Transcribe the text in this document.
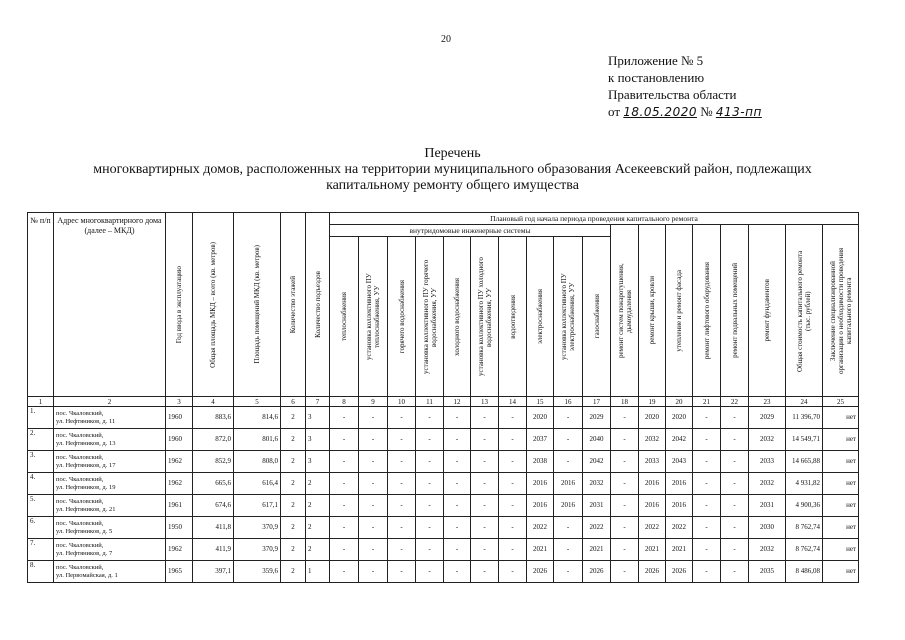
20
Приложение № 5
к постановлению
Правительства области
от 18.05.2020 № 413-пп
Перечень
многоквартирных домов, расположенных на территории муниципального образования Асекеевский район, подлежащих
капитальному ремонту общего имущества
№ п/п	Адрес многоквартирного дома (далее – МКД)	Год ввода в эксплуатацию	Общая площадь МКД – всего (кв. метров)	Площадь помещений МКД (кв. метров)	Количество этажей	Количество подъездов	Плановый год начала периода проведения капитального ремонта																	
							внутридомовые инженерные системы										ремонт систем пожаротушения, дымоудаления	ремонт крыши, кровли	утепление и ремонт фасада	ремонт лифтового оборудования	ремонт подвальных помещений	ремонт фундаментов	Общая стоимость капитального ремонта (тыс. рублей)	Заключение специализированной организации о необходимости проведения капитального ремонта

							теплоснабжения	установка коллективного ПУ теплоснабжения, УУ	горячего водоснабжения	установка коллективного ПУ горячего водоснабжения, УУ	холодного водоснабжения	установка коллективного ПУ холодного водоснабжения, УУ	водоотведения	электроснабжения	установка коллективного ПУ электроснабжения, УУ	газоснабжения								

1	2	3	4	5	6	7	8	9	10	11	12	13	14	15	16	17	18	19	20	21	22	23	24	25
1.	пос. Чкаловский,
ул. Нефтяников, д. 11	1960	883,6	814,6	2	3	-	-	-	-	-	-	-	2020	-	2029	-	2020	2020	-	-	2029	11 396,70	нет
2.	пос. Чкаловский,
ул. Нефтяников, д. 13	1960	872,0	801,6	2	3	-	-	-	-	-	-	-	2037	-	2040	-	2032	2042	-	-	2032	14 549,71	нет
3.	пос. Чкаловский,
ул. Нефтяников, д. 17	1962	852,9	808,0	2	3	-	-	-	-	-	-	-	2038	-	2042	-	2033	2043	-	-	2033	14 665,88	нет
4.	пос. Чкаловский,
ул. Нефтяников, д. 19	1962	665,6	616,4	2	2	-	-	-	-	-	-	-	2016	2016	2032	-	2016	2016	-	-	2032	4 931,82	нет
5.	пос. Чкаловский,
ул. Нефтяников, д. 21	1961	674,6	617,1	2	2	-	-	-	-	-	-	-	2016	2016	2031	-	2016	2016	-	-	2031	4 900,36	нет
6.	пос. Чкаловский,
ул. Нефтяников, д. 5	1950	411,8	370,9	2	2	-	-	-	-	-	-	-	2022	-	2022	-	2022	2022	-	-	2030	8 762,74	нет
7.	пос. Чкаловский,
ул. Нефтяников, д. 7	1962	411,9	370,9	2	2	-	-	-	-	-	-	-	2021	-	2021	-	2021	2021	-	-	2032	8 762,74	нет
8.	пос. Чкаловский,
ул. Первомайская, д. 1	1965	397,1	359,6	2	1	-	-	-	-	-	-	-	2026	-	2026	-	2026	2026	-	-	2035	8 486,08	нет
